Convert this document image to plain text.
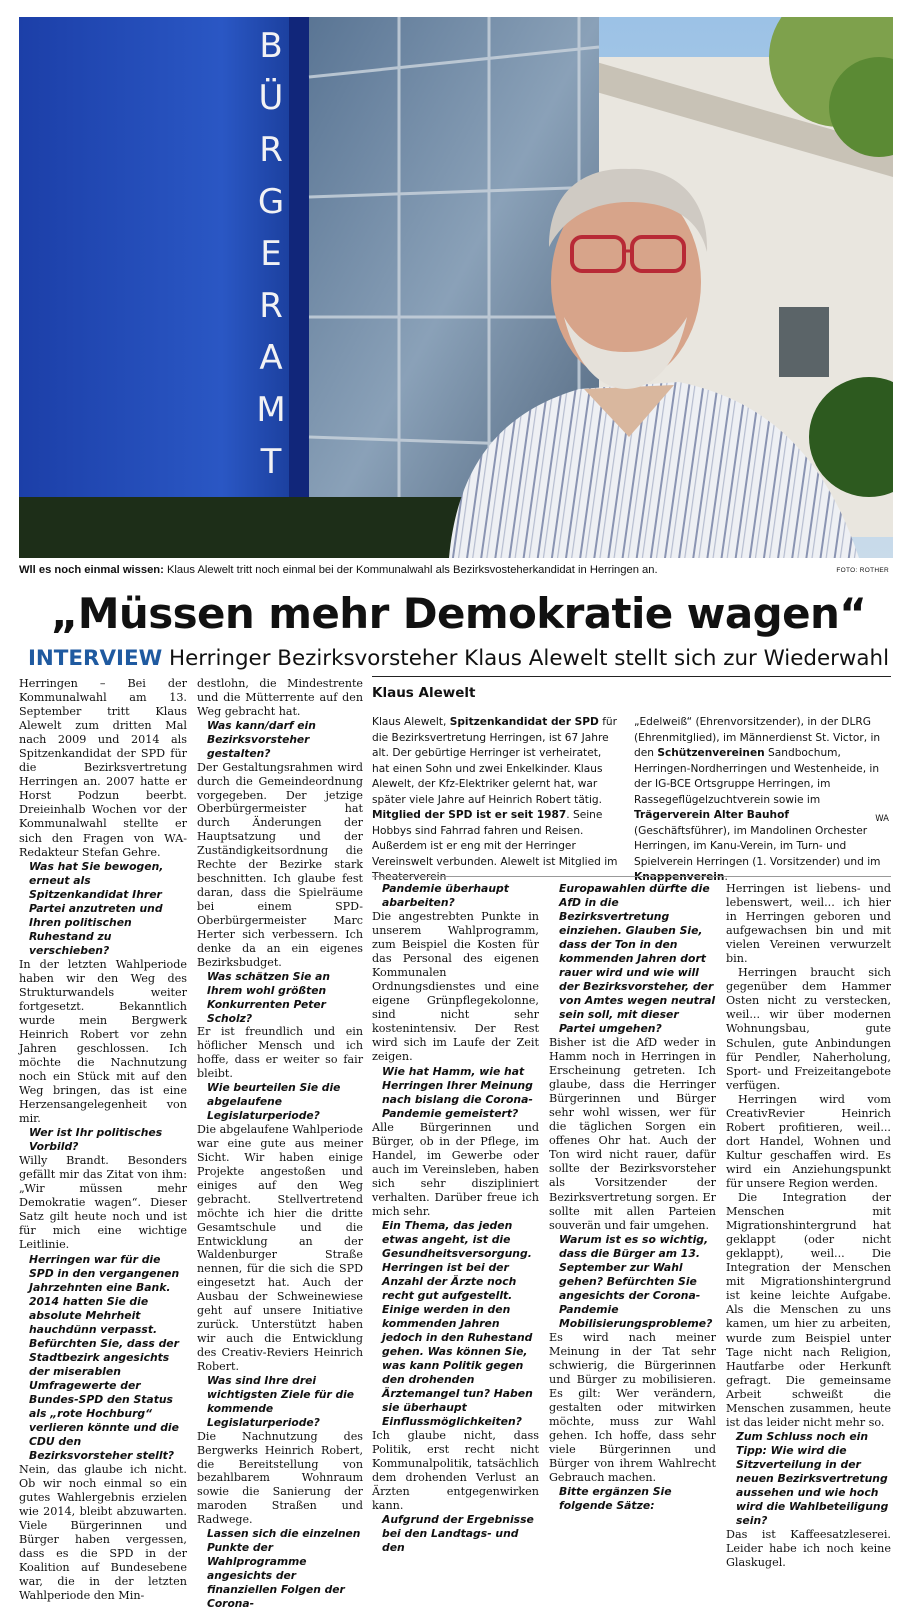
B
Ü
R
G
E
R
A
M
T
Wll es noch einmal wissen: Klaus Alewelt tritt noch einmal bei der Kommunalwahl als Bezirksvosteherkandidat in Herringen an.	FOTO: ROTHER
„Müssen mehr Demokratie wagen“
INTERVIEW Herringer Bezirksvorsteher Klaus Alewelt stellt sich zur Wiederwahl

Herringen – Bei der Kommunalwahl am 13. September tritt Klaus Alewelt zum dritten Mal nach 2009 und 2014 als Spitzenkandidat der SPD für die Bezirksvertretung Herringen an. 2007 hatte er Horst Podzun beerbt. Dreieinhalb Wochen vor der Kommunalwahl stellte er sich den Fragen von WA-Redakteur Stefan Gehre.

Was hat Sie bewogen, erneut als Spitzenkandidat Ihrer Partei anzutreten und Ihren politischen Ruhestand zu verschieben?

In der letzten Wahlperiode haben wir den Weg des Strukturwandels weiter fortgesetzt. Bekanntlich wurde mein Bergwerk Heinrich Robert vor zehn Jahren geschlossen. Ich möchte die Nachnutzung noch ein Stück mit auf den Weg bringen, das ist eine Herzensangelegenheit von mir.

Wer ist Ihr politisches Vorbild?

Willy Brandt. Besonders gefällt mir das Zitat von ihm: „Wir müssen mehr Demokratie wagen“. Dieser Satz gilt heute noch und ist für mich eine wichtige Leitlinie.

Herringen war für die SPD in den vergangenen Jahrzehnten eine Bank. 2014 hatten Sie die absolute Mehrheit hauchdünn verpasst. Befürchten Sie, dass der Stadtbezirk angesichts der miserablen Umfragewerte der Bundes-SPD den Status als „rote Hochburg“ verlieren könnte und die CDU den Bezirksvorsteher stellt?

Nein, das glaube ich nicht. Ob wir noch einmal so ein gutes Wahlergebnis erzielen wie 2014, bleibt abzuwarten. Viele Bürgerinnen und Bürger haben vergessen, dass es die SPD in der Koalition auf Bundesebene war, die in der letzten Wahlperiode den Min-

destlohn, die Mindestrente und die Mütterrente auf den Weg gebracht hat.

Was kann/darf ein Bezirksvorsteher gestalten?

Der Gestaltungsrahmen wird durch die Gemeindeordnung vorgegeben. Der jetzige Oberbürgermeister hat durch Änderungen der Hauptsatzung und der Zuständigkeitsordnung die Rechte der Bezirke stark beschnitten. Ich glaube fest daran, dass die Spielräume bei einem SPD-Oberbürgermeister Marc Herter sich verbessern. Ich denke da an ein eigenes Bezirksbudget.

Was schätzen Sie an Ihrem wohl größten Konkurrenten Peter Scholz?

Er ist freundlich und ein höflicher Mensch und ich hoffe, dass er weiter so fair bleibt.

Wie beurteilen Sie die abgelaufene Legislaturperiode?

Die abgelaufene Wahlperiode war eine gute aus meiner Sicht. Wir haben einige Projekte angestoßen und einiges auf den Weg gebracht. Stellvertretend möchte ich hier die dritte Gesamtschule und die Entwicklung an der Waldenburger Straße nennen, für die sich die SPD eingesetzt hat. Auch der Ausbau der Schweinewiese geht auf unsere Initiative zurück. Unterstützt haben wir auch die Entwicklung des Creativ-Reviers Heinrich Robert.

Was sind Ihre drei wichtigsten Ziele für die kommende Legislaturperiode?

Die Nachnutzung des Bergwerks Heinrich Robert, die Bereitstellung von bezahlbarem Wohnraum sowie die Sanierung der maroden Straßen und Radwege.

Lassen sich die einzelnen Punkte der Wahlprogramme angesichts der finanziellen Folgen der Corona-

Klaus Alewelt

Klaus Alewelt, Spitzenkandidat der SPD für die Bezirksvertretung Herringen, ist 67 Jahre alt. Der gebürtige Herringer ist verheiratet, hat einen Sohn und zwei Enkelkinder. Klaus Alewelt, der Kfz-Elektriker gelernt hat, war später viele Jahre auf Heinrich Robert tätig. Mitglied der SPD ist er seit 1987. Seine Hobbys sind Fahrrad fahren und Reisen. Außerdem ist er eng mit der Herringer Vereinswelt verbunden. Alewelt ist Mitglied im Theaterverein

„Edelweiß“ (Ehrenvorsitzender), in der DLRG (Ehrenmitglied), im Männerdienst St. Victor, in den Schützenvereinen Sandbochum, Herringen-Nordherringen und Westenheide, in der IG-BCE Ortsgruppe Herringen, im Rassegeflügelzuchtverein sowie im Trägerverein Alter Bauhof (Geschäftsführer), im Mandolinen Orchester Herringen, im Kanu-Verein, im Turn- und Spielverein Herringen (1. Vorsitzender) und im Knappenverein.

WA

Pandemie überhaupt abarbeiten?

Die angestrebten Punkte in unserem Wahlprogramm, zum Beispiel die Kosten für das Personal des eigenen Kommunalen Ordnungsdienstes und eine eigene Grünpflegekolonne, sind nicht sehr kostenintensiv. Der Rest wird sich im Laufe der Zeit zeigen.

Wie hat Hamm, wie hat Herringen Ihrer Meinung nach bislang die Corona-Pandemie gemeistert?

Alle Bürgerinnen und Bürger, ob in der Pflege, im Handel, im Gewerbe oder auch im Vereinsleben, haben sich sehr diszipliniert verhalten. Darüber freue ich mich sehr.

Ein Thema, das jeden etwas angeht, ist die Gesundheitsversorgung. Herringen ist bei der Anzahl der Ärzte noch recht gut aufgestellt. Einige werden in den kommenden Jahren jedoch in den Ruhestand gehen. Was können Sie, was kann Politik gegen den drohenden Ärztemangel tun? Haben sie überhaupt Einflussmöglichkeiten?

Ich glaube nicht, dass Politik, erst recht nicht Kommunalpolitik, tatsächlich dem drohenden Verlust an Ärzten entgegenwirken kann.

Aufgrund der Ergebnisse bei den Landtags- und den

Europawahlen dürfte die AfD in die Bezirksvertretung einziehen. Glauben Sie, dass der Ton in den kommenden Jahren dort rauer wird und wie will der Bezirksvorsteher, der von Amtes wegen neutral sein soll, mit dieser Partei umgehen?

Bisher ist die AfD weder in Hamm noch in Herringen in Erscheinung getreten. Ich glaube, dass die Herringer Bürgerinnen und Bürger sehr wohl wissen, wer für die täglichen Sorgen ein offenes Ohr hat. Auch der Ton wird nicht rauer, dafür sollte der Bezirksvorsteher als Vorsitzender der Bezirksvertretung sorgen. Er sollte mit allen Parteien souverän und fair umgehen.

Warum ist es so wichtig, dass die Bürger am 13. September zur Wahl gehen? Befürchten Sie angesichts der Corona-Pandemie Mobilisierungsprobleme?

Es wird nach meiner Meinung in der Tat sehr schwierig, die Bürgerinnen und Bürger zu mobilisieren. Es gilt: Wer verändern, gestalten oder mitwirken möchte, muss zur Wahl gehen. Ich hoffe, dass sehr viele Bürgerinnen und Bürger von ihrem Wahlrecht Gebrauch machen.

Bitte ergänzen Sie folgende Sätze:

Herringen ist liebens- und lebenswert, weil... ich hier in Herringen geboren und aufgewachsen bin und mit vielen Vereinen verwurzelt bin.

Herringen braucht sich gegenüber dem Hammer Osten nicht zu verstecken, weil... wir über modernen Wohnungsbau, gute Schulen, gute Anbindungen für Pendler, Naherholung, Sport- und Freizeitangebote verfügen.

Herringen wird vom CreativRevier Heinrich Robert profitieren, weil... dort Handel, Wohnen und Kultur geschaffen wird. Es wird ein Anziehungspunkt für unsere Region werden.

Die Integration der Menschen mit Migrationshintergrund hat geklappt (oder nicht geklappt), weil... Die Integration der Menschen mit Migrationshintergrund ist keine leichte Aufgabe. Als die Menschen zu uns kamen, um hier zu arbeiten, wurde zum Beispiel unter Tage nicht nach Religion, Hautfarbe oder Herkunft gefragt. Die gemeinsame Arbeit schweißt die Menschen zusammen, heute ist das leider nicht mehr so.

Zum Schluss noch ein Tipp: Wie wird die Sitzverteilung in der neuen Bezirksvertretung aussehen und wie hoch wird die Wahlbeteiligung sein?

Das ist Kaffeesatzleserei. Leider habe ich noch keine Glaskugel.
